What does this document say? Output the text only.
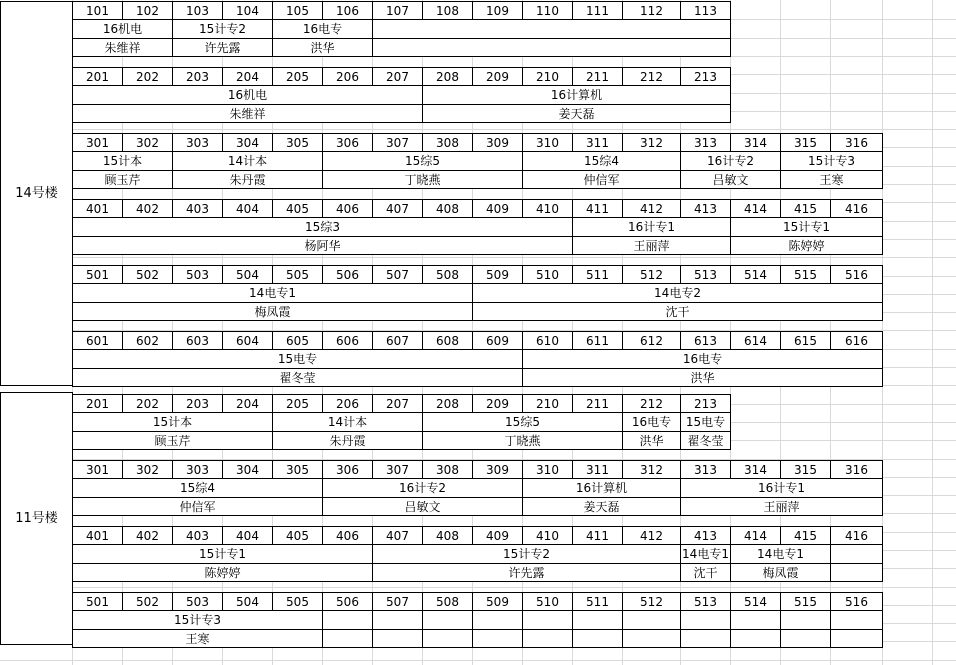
14号楼
101	102	103	104	105	106	107	108	109	110	111	112	113
16机电	15计专2	16电专
朱维祥	许先露	洪华
201	202	203	204	205	206	207	208	209	210	211	212	213
16机电	16计算机
朱维祥	姜天磊
301	302	303	304	305	306	307	308	309	310	311	312	313	314	315	316
15计本	14计本	15综5	15综4	16计专2	15计专3
顾玉芹	朱丹霞	丁晓燕	仲信军	吕敏文	王寒
401	402	403	404	405	406	407	408	409	410	411	412	413	414	415	416
15综3	16计专1	15计专1
杨阿华	王丽萍	陈婷婷
501	502	503	504	505	506	507	508	509	510	511	512	513	514	515	516
14电专1	14电专2
梅凤霞	沈干
601	602	603	604	605	606	607	608	609	610	611	612	613	614	615	616
15电专	16电专
翟冬莹	洪华
11号楼
201	202	203	204	205	206	207	208	209	210	211	212	213
15计本	14计本	15综5	16电专	15电专
顾玉芹	朱丹霞	丁晓燕	洪华	翟冬莹
301	302	303	304	305	306	307	308	309	310	311	312	313	314	315	316
15综4	16计专2	16计算机	16计专1
仲信军	吕敏文	姜天磊	王丽萍
401	402	403	404	405	406	407	408	409	410	411	412	413	414	415	416
15计专1	15计专2	14电专1	14电专1
陈婷婷	许先露	沈干	梅凤霞
501	502	503	504	505	506	507	508	509	510	511	512	513	514	515	516
15计专3
王寒
